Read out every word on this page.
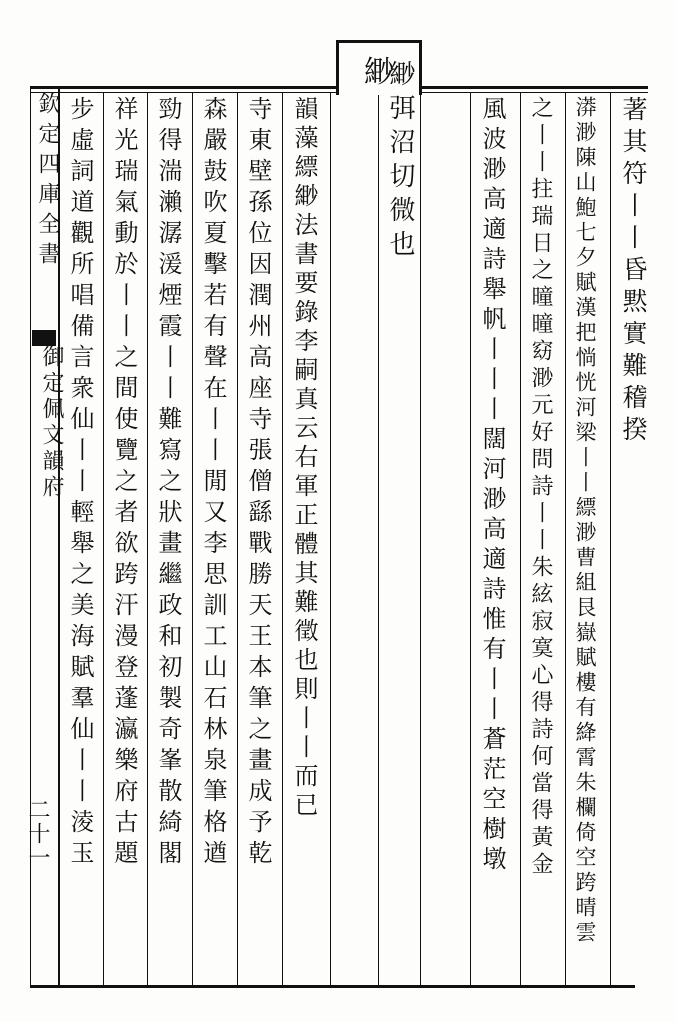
緲
欽定四庫全書
御定佩文韻府
二十一
著其符丨丨昏黙實難稽揆
漭渺陳山鮑七夕賦漢把惝恍河梁丨丨縹渺曹組艮嶽賦樓有絳霄朱欄倚空跨晴雲
之丨丨拄瑞日之曈曈窈渺元好問詩丨丨朱絃寂寞心得詩何當得黃金
風波渺高適詩舉帆丨丨丨闊河渺高適詩惟有丨丨蒼茫空樹墩
緲弭沼切微也
韻藻縹緲法書要錄李嗣真云右軍正體其難徵也則丨丨而已
寺東壁孫位因潤州高座寺張僧繇戰勝天王本筆之畫成予乾
森嚴鼓吹夏擊若有聲在丨丨閒又李思訓工山石林泉筆格遒
勁得湍瀨潺湲煙霞丨丨難寫之狀畫繼政和初製奇峯散綺閣
祥光瑞氣動於丨丨之間使覽之者欲跨汗漫登蓬瀛樂府古題
步虛詞道觀所唱備言衆仙丨丨輕舉之美海賦羣仙丨丨淩玉
